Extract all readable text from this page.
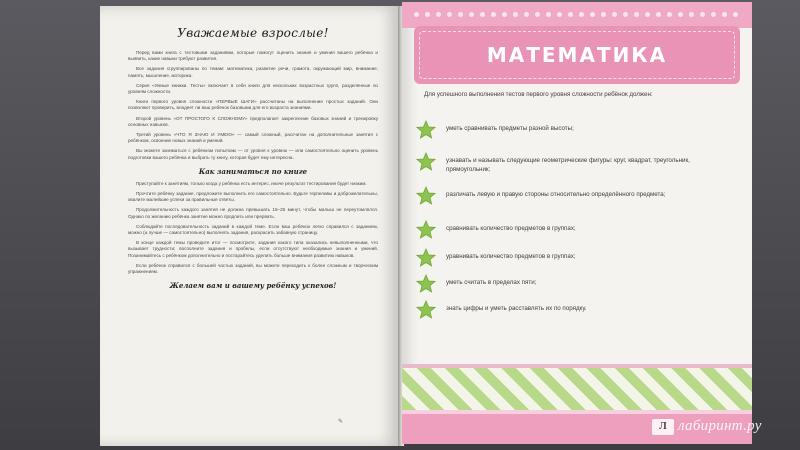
Уважаемые взрослые!

Перед вами книга с тестовыми заданиями, которые помогут оценить знания и умения вашего ребёнка и выявить, какие навыки требуют развития.

Все задания сгруппированы по темам: математика, развитие речи, грамота, окружающий мир, внимание, память, мышление, моторика.

Серия «Умные книжки. Тесты» включает в себя книги для нескольких возрастных групп, разделённые по уровням сложности.

Книги первого уровня сложности «ПЕРВЫЕ ШАГИ» рассчитаны на выполнение простых заданий. Они позволяют проверить, владеет ли ваш ребёнок базовыми для его возраста знаниями.

Второй уровень «ОТ ПРОСТОГО К СЛОЖНОМУ» предполагает закрепление базовых знаний и тренировку основных навыков.

Третий уровень «ЧТО Я ЗНАЮ И УМЕЮ» — самый сложный, рассчитан на дополнительные занятия с ребёнком, освоение новых знаний и умений.

Вы можете заниматься с ребёнком попыткам — от уровня к уровню — или самостоятельно оценить уровень подготовки вашего ребёнка и выбрать ту книгу, которая будет ему интересна.

Как заниматься по книге

Приступайте к занятиям, только когда у ребёнка есть интерес, иначе результат тестирования будет низким.

Прочтите ребёнку задание, предложите выполнить его самостоятельно. Будьте терпеливы и доброжелательны, хвалите малейшие успехи за правильные ответы.

Продолжительность каждого занятия не должна превышать 15–25 минут, чтобы малыш не переутомлялся. Однако по желанию ребёнка занятие можно продлить или прервать.

Соблюдайте последовательность заданий в каждой теме. Если ваш ребёнок легко справился с заданием, можно (а лучше — самостоятельно) выполнять задания, раскрасить забавную страницу.

В конце каждой темы проведите итог — посмотрите, задания какого типа оказались невыполненными, что вызывает трудности; восполните задания и пробелы, если отсутствуют необходимые знания и умений. Позанимайтесь с ребёнком дополнительно и постарайтесь уделить больше внимания развитию навыков.

Если ребёнок справился с большей частью заданий, вы можете переходить к более сложным и творческим упражнениям.

Желаем вам и вашему ребёнку успехов!
✎
МАТЕМАТИКА

Для успешного выполнения тестов первого уровня сложности ребёнок должен:

уметь сравнивать предметы разной высоты;
узнавать и называть следующие геометрические фигуры: круг, квадрат, треугольник, прямоугольник;
различать левую и правую стороны относительно определённого предмета;
сравнивать количество предметов в группах;
уравнивать количество предметов в группах;
уметь считать в пределах пяти;
знать цифры и уметь расставлять их по порядку.
Л лабиринт.ру
